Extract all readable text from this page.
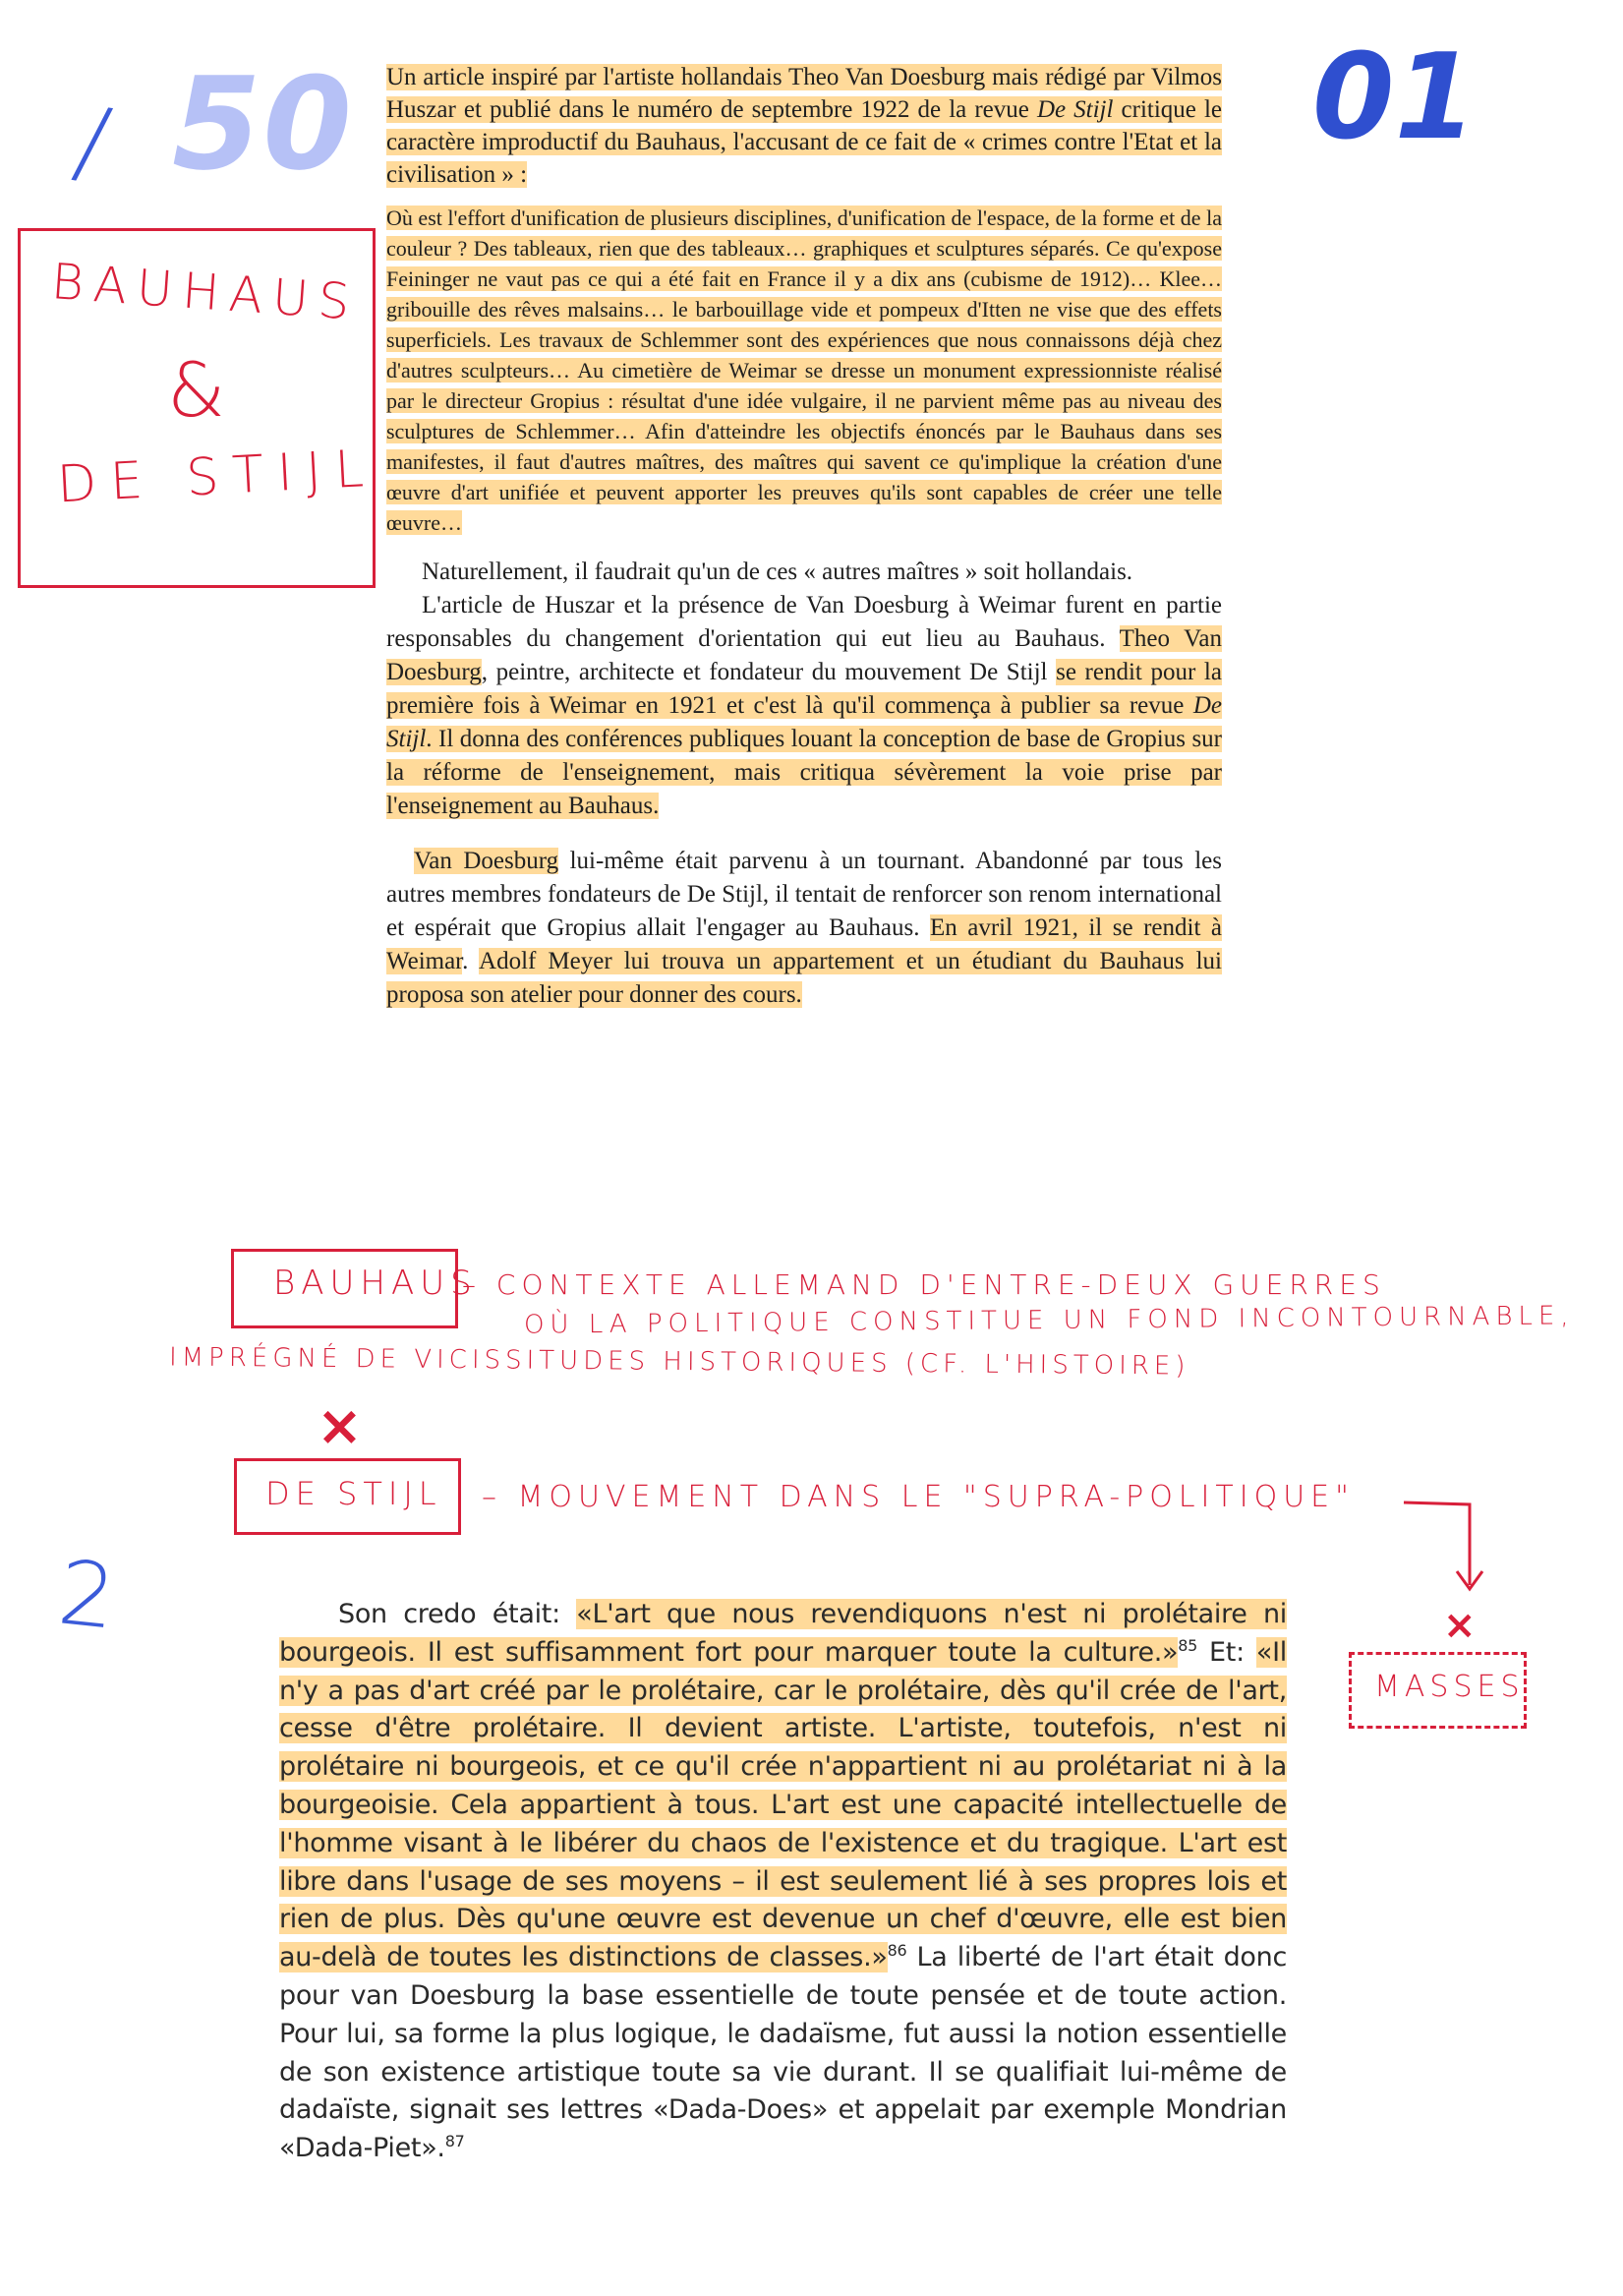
/ 50	01
BAUHAUS
&
DE STIJL

Un article inspiré par l'artiste hollandais Theo Van Doesburg mais rédigé par Vilmos Huszar et publié dans le numéro de septembre 1922 de la revue De Stijl critique le caractère improductif du Bauhaus, l'accusant de ce fait de « crimes contre l'Etat et la civilisation » :

Où est l'effort d'unification de plusieurs disciplines, d'unification de l'espace, de la forme et de la couleur ? Des tableaux, rien que des tableaux… graphiques et sculptures séparés. Ce qu'expose Feininger ne vaut pas ce qui a été fait en France il y a dix ans (cubisme de 1912)… Klee… gribouille des rêves malsains… le barbouillage vide et pompeux d'Itten ne vise que des effets superficiels. Les travaux de Schlemmer sont des expériences que nous connaissons déjà chez d'autres sculpteurs… Au cimetière de Weimar se dresse un monument expressionniste réalisé par le directeur Gropius : résultat d'une idée vulgaire, il ne parvient même pas au niveau des sculptures de Schlemmer… Afin d'atteindre les objectifs énoncés par le Bauhaus dans ses manifestes, il faut d'autres maîtres, des maîtres qui savent ce qu'implique la création d'une œuvre d'art unifiée et peuvent apporter les preuves qu'ils sont capables de créer une telle œuvre…

Naturellement, il faudrait qu'un de ces « autres maîtres » soit hollandais.

L'article de Huszar et la présence de Van Doesburg à Weimar furent en partie responsables du changement d'orientation qui eut lieu au Bauhaus. Theo Van Doesburg, peintre, architecte et fondateur du mouvement De Stijl se rendit pour la première fois à Weimar en 1921 et c'est là qu'il commença à publier sa revue De Stijl. Il donna des conférences publiques louant la conception de base de Gropius sur la réforme de l'enseignement, mais critiqua sévèrement la voie prise par l'enseignement au Bauhaus.

Van Doesburg lui-même était parvenu à un tournant. Abandonné par tous les autres membres fondateurs de De Stijl, il tentait de renforcer son renom international et espérait que Gropius allait l'engager au Bauhaus. En avril 1921, il se rendit à Weimar. Adolf Meyer lui trouva un appartement et un étudiant du Bauhaus lui proposa son atelier pour donner des cours.

BAUHAUS
– CONTEXTE ALLEMAND D'ENTRE-DEUX GUERRES
OÙ LA POLITIQUE CONSTITUE UN FOND INCONTOURNABLE,
IMPRÉGNÉ DE VICISSITUDES HISTORIQUES (CF. L'HISTOIRE)
×
DE STIJL – MOUVEMENT DANS LE "SUPRA-POLITIQUE"
×
MASSES
2	Son credo était: «L'art que nous revendiquons n'est ni prolétaire ni bourgeois. Il est suffisamment fort pour marquer toute la culture.»$^{85}$ Et: «Il n'y a pas d'art créé par le prolétaire, car le prolétaire, dès qu'il crée de l'art, cesse d'être prolétaire. Il devient artiste. L'artiste, toutefois, n'est ni prolétaire ni bourgeois, et ce qu'il crée n'appartient ni au prolétariat ni à la bourgeoisie. Cela appartient à tous. L'art est une capacité intellectuelle de l'homme visant à le libérer du chaos de l'existence et du tragique. L'art est libre dans l'usage de ses moyens – il est seulement lié à ses propres lois et rien de plus. Dès qu'une œuvre est devenue un chef d'œuvre, elle est bien au-delà de toutes les distinctions de classes.»$^{86}$ La liberté de l'art était donc pour van Doesburg la base essentielle de toute pensée et de toute action. Pour lui, sa forme la plus logique, le dadaïsme, fut aussi la notion essentielle de son existence artistique toute sa vie durant. Il se qualifiait lui-même de dadaïste, signait ses lettres «Dada-Does» et appelait par exemple Mondrian «Dada-Piet».$^{87}$
